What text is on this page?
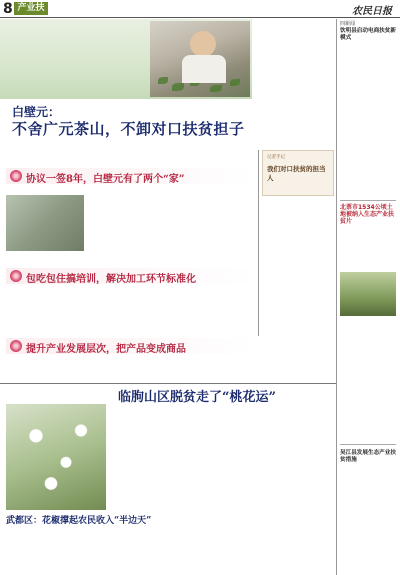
8 产业扶	农民日报
白壁元：
不舍广元茶山，不卸对口扶贫担子
协议一签8年，白壁元有了两个“家”
包吃包住搞培训，解决加工环节标准化
提升产业发展层次，把产品变成商品
记者手记
我们对口扶贫的担当人
四新闻
饮明县启动电商扶贫新模式
北票市1534公顷土地被纳入生态产业扶贫片
吴江县发展生态产业扶贫措施
临朐山区脱贫走了“桃花运”
武都区：花椒撑起农民收入“半边天”
